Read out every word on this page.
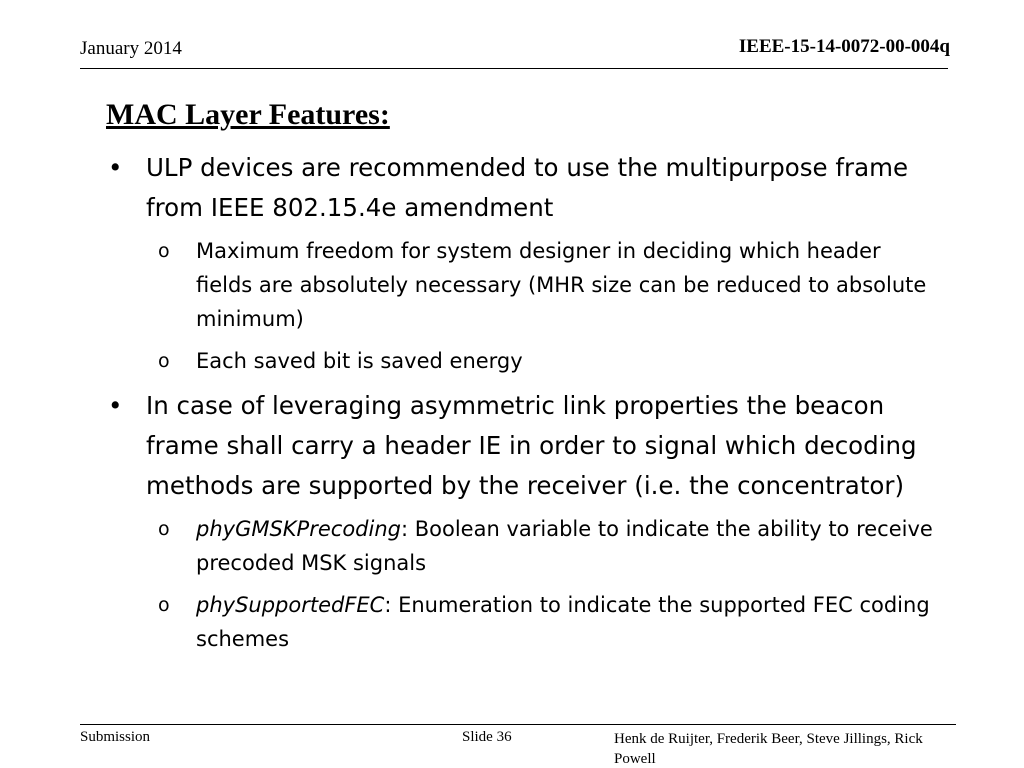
January 2014	IEEE-15-14-0072-00-004q
MAC Layer Features:
• ULP devices are recommended to use the multipurpose frame from IEEE 802.15.4e amendment
o Maximum freedom for system designer in deciding which header fields are absolutely necessary (MHR size can be reduced to absolute minimum)
o Each saved bit is saved energy
• In case of leveraging asymmetric link properties the beacon frame shall carry a header IE in order to signal which decoding methods are supported by the receiver (i.e. the concentrator)
o phyGMSKPrecoding: Boolean variable to indicate the ability to receive precoded MSK signals
o phySupportedFEC: Enumeration to indicate the supported FEC coding schemes
Submission	Slide 36	Henk de Ruijter, Frederik Beer, Steve Jillings, Rick Powell
